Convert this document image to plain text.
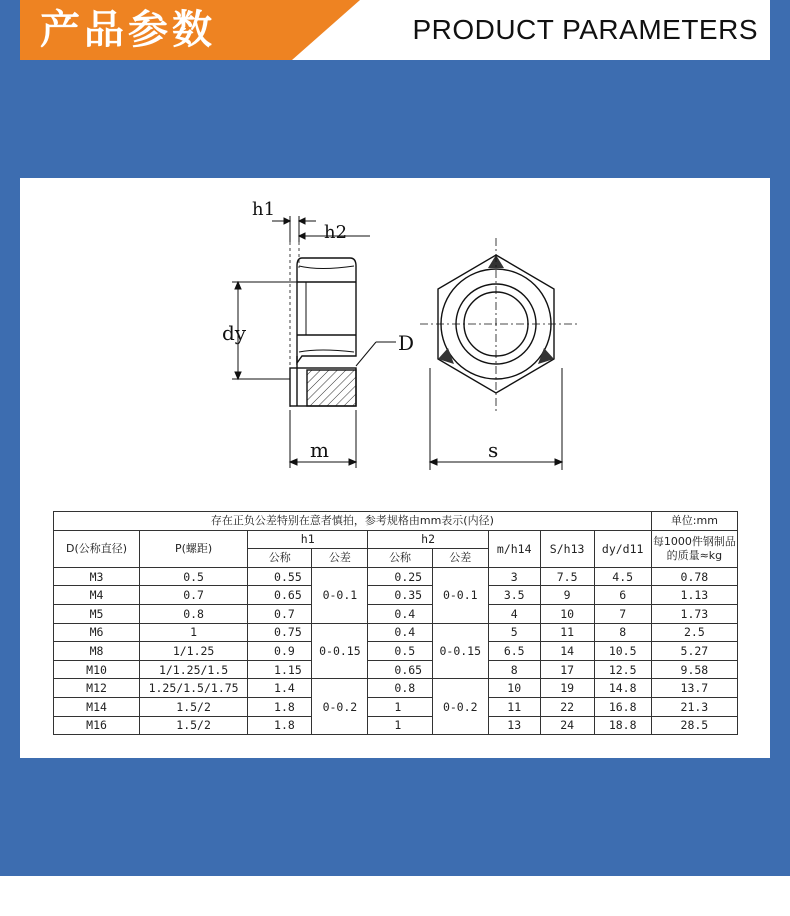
产品参数	PRODUCT PARAMETERS
h1
h2
dy	D
m	s
存在正负公差特别在意者慎拍，参考规格由mm表示(内径)									单位:mm
D(公称直径)	P(螺距)	h1		h2		m/h14	S/h13	dy/d11	每1000件钢制品的质量≈kg
		公称	公差	公称	公差				
M3	0.5	0.55	0-0.1	0.25	0-0.1	3	7.5	4.5	0.78
M4	0.7	0.65		0.35		3.5	9	6	1.13
M5	0.8	0.7		0.4		4	10	7	1.73
M6	1	0.75	0-0.15	0.4	0-0.15	5	11	8	2.5
M8	1/1.25	0.9		0.5		6.5	14	10.5	5.27
M10	1/1.25/1.5	1.15		0.65		8	17	12.5	9.58
M12	1.25/1.5/1.75	1.4	0-0.2	0.8	0-0.2	10	19	14.8	13.7
M14	1.5/2	1.8		1		11	22	16.8	21.3
M16	1.5/2	1.8		1		13	24	18.8	28.5
